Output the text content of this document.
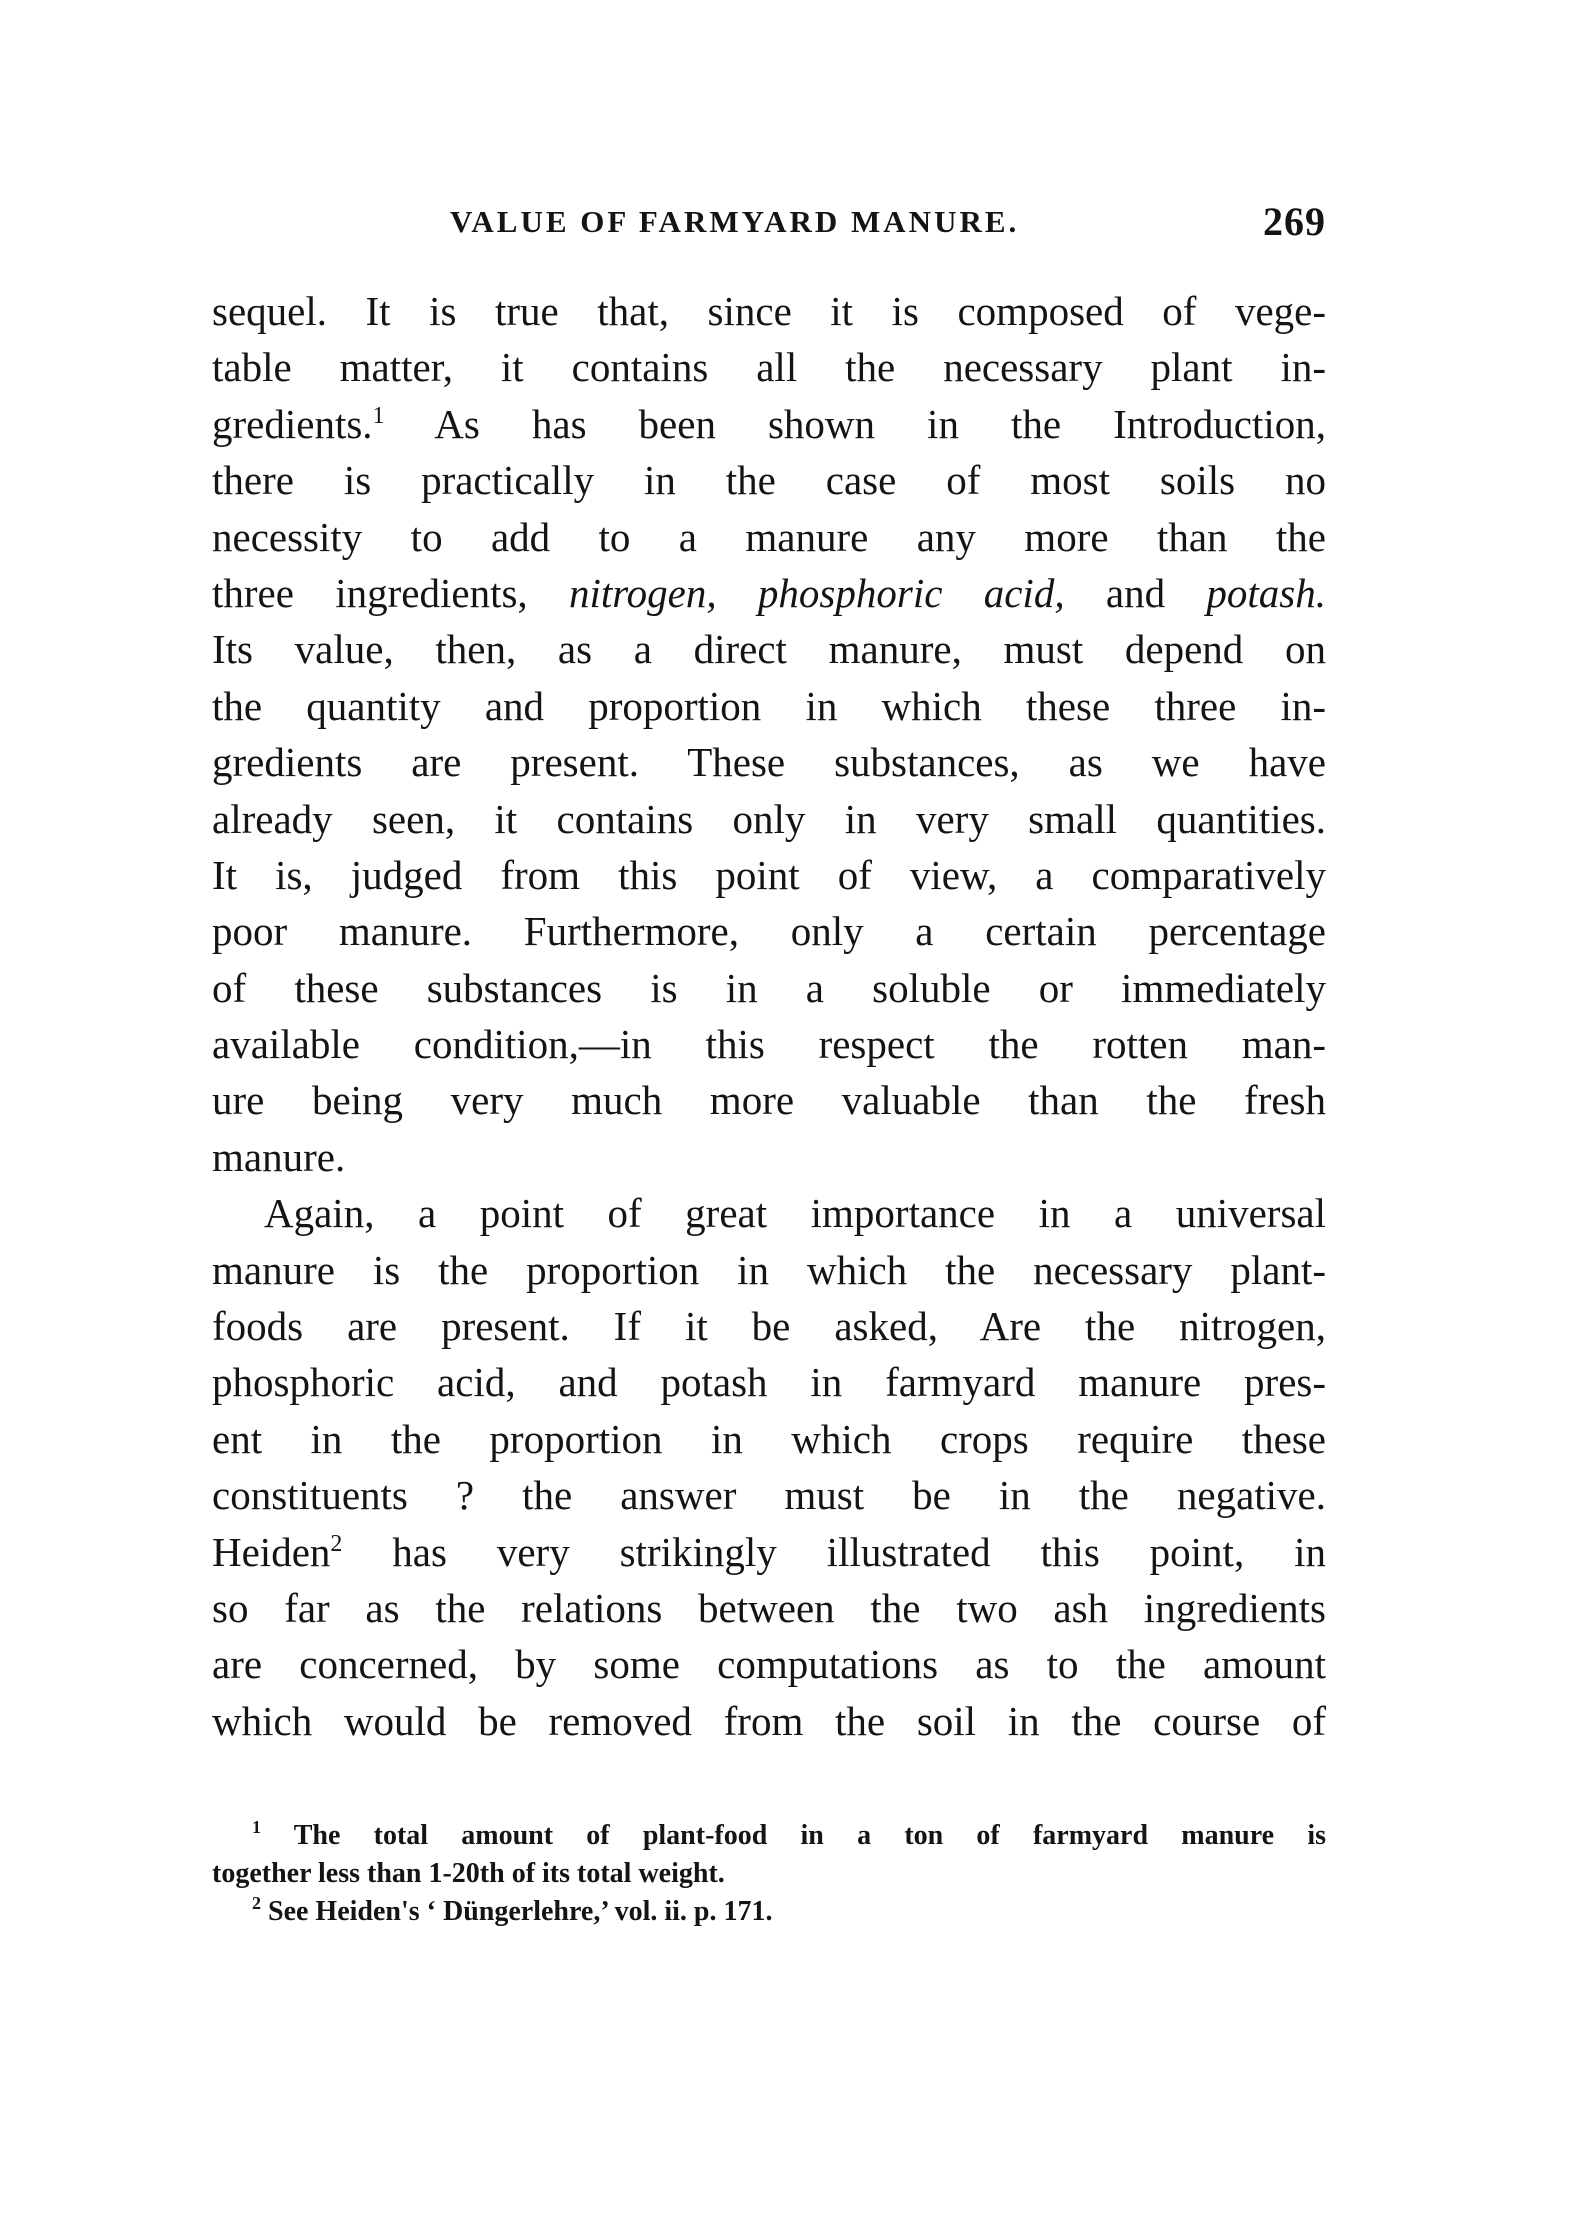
VALUE OF FARMYARD MANURE.	269
sequel. It is true that, since it is composed of vege-
table matter, it contains all the necessary plant in-
gredients.$^1$ As has been shown in the Introduction,
there is practically in the case of most soils no
necessity to add to a manure any more than the
three ingredients, nitrogen, phosphoric acid, and potash.
Its value, then, as a direct manure, must depend on
the quantity and proportion in which these three in-
gredients are present. These substances, as we have
already seen, it contains only in very small quantities.
It is, judged from this point of view, a comparatively
poor manure. Furthermore, only a certain percentage
of these substances is in a soluble or immediately
available condition,—in this respect the rotten man-
ure being very much more valuable than the fresh
manure.
Again, a point of great importance in a universal
manure is the proportion in which the necessary plant-
foods are present. If it be asked, Are the nitrogen,
phosphoric acid, and potash in farmyard manure pres-
ent in the proportion in which crops require these
constituents ? the answer must be in the negative.
Heiden$^2$ has very strikingly illustrated this point, in
so far as the relations between the two ash ingredients
are concerned, by some computations as to the amount
which would be removed from the soil in the course of
$^1$ The total amount of plant-food in a ton of farmyard manure is
together less than 1-20th of its total weight.
$^2$ See Heiden's ‘ Düngerlehre,’ vol. ii. p. 171.
